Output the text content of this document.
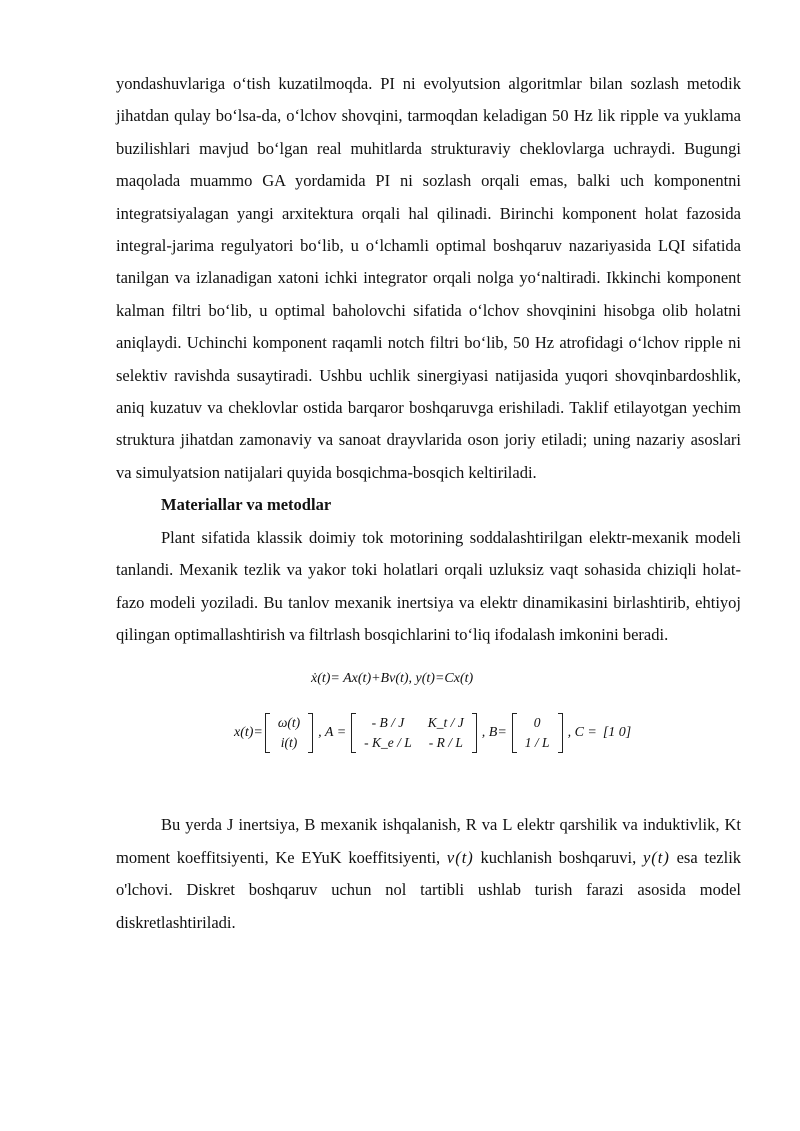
yondashuvlariga o‘tish kuzatilmoqda. PI ni evolyutsion algoritmlar bilan sozlash metodik jihatdan qulay bo‘lsa-da, o‘lchov shovqini, tarmoqdan keladigan 50 Hz lik ripple va yuklama buzilishlari mavjud bo‘lgan real muhitlarda strukturaviy cheklovlarga uchraydi. Bugungi maqolada muammo GA yordamida PI ni sozlash orqali emas, balki uch komponentni integratsiyalagan yangi arxitektura orqali hal qilinadi. Birinchi komponent holat fazosida integral-jarima regulyatori bo‘lib, u o‘lchamli optimal boshqaruv nazariyasida LQI sifatida tanilgan va izlanadigan xatoni ichki integrator orqali nolga yo‘naltiradi. Ikkinchi komponent kalman filtri bo‘lib, u optimal baholovchi sifatida o‘lchov shovqinini hisobga olib holatni aniqlaydi. Uchinchi komponent raqamli notch filtri bo‘lib, 50 Hz atrofidagi o‘lchov ripple ni selektiv ravishda susaytiradi. Ushbu uchlik sinergiyasi natijasida yuqori shovqinbardoshlik, aniq kuzatuv va cheklovlar ostida barqaror boshqaruvga erishiladi. Taklif etilayotgan yechim struktura jihatdan zamonaviy va sanoat drayvlarida oson joriy etiladi; uning nazariy asoslari va simulyatsion natijalari quyida bosqichma-bosqich keltiriladi.

Materiallar va metodlar

Plant sifatida klassik doimiy tok motorining soddalashtirilgan elektr-mexanik modeli tanlandi. Mexanik tezlik va yakor toki holatlari orqali uzluksiz vaqt sohasida chiziqli holat-fazo modeli yoziladi. Bu tanlov mexanik inertsiya va elektr dinamikasini birlashtirib, ehtiyoj qilingan optimallashtirish va filtrlash bosqichlarini to‘liq ifodalash imkonini beradi.

ẋ(t)= Ax(t)+Bv(t), y(t)=Cx(t)
x(t)=
ω(t)
i(t)
, A =
- B / J	K_t / J
- K_e / L	- R / L
, B=
0
1 / L
, C = [1 0]

Bu yerda J inertsiya, B mexanik ishqalanish, R va L elektr qarshilik va induktivlik, Kt moment koeffitsiyenti, Ke EYuK koeffitsiyenti, v(t) kuchlanish boshqaruvi, y(t) esa tezlik o'lchovi. Diskret boshqaruv uchun nol tartibli ushlab turish farazi asosida model diskretlashtiriladi.
